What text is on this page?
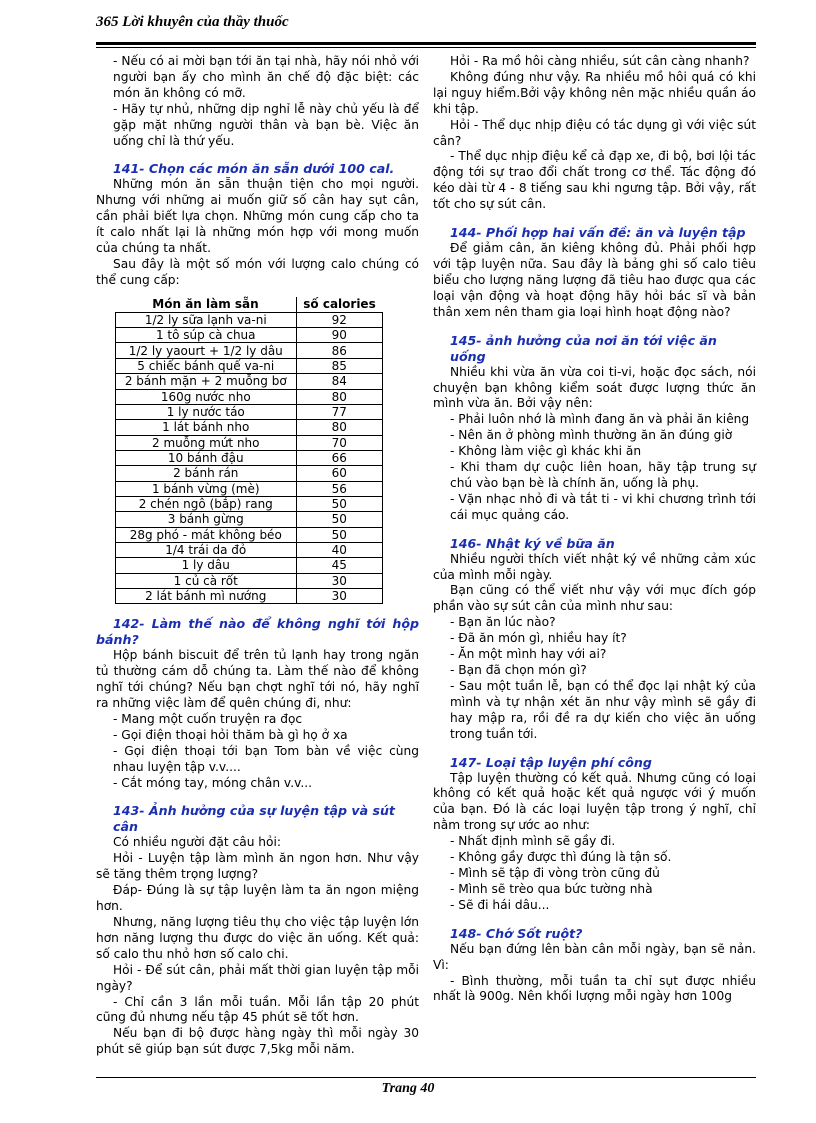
365 Lời khuyên của thầy thuốc

- Nếu có ai mời bạn tới ăn tại nhà, hãy nói nhỏ với người bạn ấy cho mình ăn chế độ đặc biệt: các món ăn không có mỡ.

- Hãy tự nhủ, những dịp nghỉ lễ này chủ yếu là để gặp mặt những người thân và bạn bè. Việc ăn uống chỉ là thứ yếu.

141- Chọn các món ăn sẵn dưới 100 cal.

Những món ăn sẵn thuận tiện cho mọi người. Nhưng với những ai muốn giữ số cân hay sụt cân, cần phải biết lựa chọn. Những món cung cấp cho ta ít calo nhất lại là những món hợp với mong muốn của chúng ta nhất.

Sau đây là một số món với lượng calo chúng có thể cung cấp:

Món ăn làm sẵn	số calories
1/2 ly sữa lạnh va-ni	92
1 tô súp cà chua	90
1/2 ly yaourt + 1/2 ly dâu	86
5 chiếc bánh quế va-ni	85
2 bánh mặn + 2 muỗng bơ	84
160g nước nho	80
1 ly nước táo	77
1 lát bánh nho	80
2 muỗng mứt nho	70
10 bánh đậu	66
2 bánh rán	60
1 bánh vừng (mè)	56
2 chén ngô (bắp) rang	50
3 bánh gừng	50
28g phó - mát không béo	50
1/4 trái da đỏ	40
1 ly dâu	45
1 củ cà rốt	30
2 lát bánh mì nướng	30
142- Làm thế nào để không nghĩ tới hộp bánh?

Hộp bánh biscuit để trên tủ lạnh hay trong ngăn tủ thường cám dỗ chúng ta. Làm thế nào để không nghĩ tới chúng? Nếu bạn chợt nghĩ tới nó, hãy nghĩ ra những việc làm để quên chúng đi, như:

- Mang một cuốn truyện ra đọc

- Gọi điện thoại hỏi thăm bà gì họ ở xa

- Gọi điện thoại tới bạn Tom bàn về việc cùng nhau luyện tập v.v....

- Cắt móng tay, móng chân v.v...

143- Ảnh hưởng của sự luyện tập và sút cân

Có nhiều người đặt câu hỏi:

Hỏi - Luyện tập làm mình ăn ngon hơn. Như vậy sẽ tăng thêm trọng lượng?

Đáp- Đúng là sự tập luyện làm ta ăn ngon miệng hơn.

Nhưng, năng lượng tiêu thụ cho việc tập luyện lớn hơn năng lượng thu được do việc ăn uống. Kết quả: số calo thu nhỏ hơn số calo chi.

Hỏi - Để sút cân, phải mất thời gian luyện tập mỗi ngày?

- Chỉ cần 3 lần mỗi tuần. Mỗi lần tập 20 phút cũng đủ nhưng nếu tập 45 phút sẽ tốt hơn.

Nếu bạn đi bộ được hàng ngày thì mỗi ngày 30 phút sẽ giúp bạn sút được 7,5kg mỗi năm.

Hỏi - Ra mồ hôi càng nhiều, sút cân càng nhanh?

Không đúng như vậy. Ra nhiều mồ hôi quá có khi lại nguy hiểm.Bởi vậy không nên mặc nhiều quần áo khi tập.

Hỏi - Thể dục nhịp điệu có tác dụng gì với việc sút cân?

- Thể dục nhịp điệu kể cả đạp xe, đi bộ, bơi lội tác động tới sự trao đổi chất trong cơ thể. Tác động đó kéo dài từ 4 - 8 tiếng sau khi ngưng tập. Bởi vậy, rất tốt cho sự sút cân.

144- Phối hợp hai vấn đề: ăn và luyện tập

Để giảm cân, ăn kiêng không đủ. Phải phối hợp với tập luyện nữa. Sau đây là bảng ghi số calo tiêu biểu cho lượng năng lượng đã tiêu hao được qua các loại vận động và hoạt động hãy hỏi bác sĩ và bản thân xem nên tham gia loại hình hoạt động nào?

145- ảnh hưởng của nơi ăn tới việc ăn uống

Nhiều khi vừa ăn vừa coi ti-vi, hoặc đọc sách, nói chuyện bạn không kiểm soát được lượng thức ăn mình vừa ăn. Bởi vậy nên:

- Phải luôn nhớ là mình đang ăn và phải ăn kiêng

- Nên ăn ở phòng mình thường ăn ăn đúng giờ

- Không làm việc gì khác khi ăn

- Khi tham dự cuộc liên hoan, hãy tập trung sự chú vào bạn bè là chính ăn, uống là phụ.

- Vặn nhạc nhỏ đi và tắt ti - vi khi chương trình tới cái mục quảng cáo.

146- Nhật ký về bữa ăn

Nhiều người thích viết nhật ký về những cảm xúc của mình mỗi ngày.

Bạn cũng có thể viết như vậy với mục đích góp phần vào sự sút cân của mình như sau:

- Bạn ăn lúc nào?

- Đã ăn món gì, nhiều hay ít?

- Ăn một mình hay với ai?

- Bạn đã chọn món gì?

- Sau một tuần lễ, bạn có thể đọc lại nhật ký của mình và tự nhận xét ăn như vậy mình sẽ gầy đi hay mập ra, rồi đề ra dự kiến cho việc ăn uống trong tuần tới.

147- Loại tập luyện phí công

Tập luyện thường có kết quả. Nhưng cũng có loại không có kết quả hoặc kết quả ngược với ý muốn của bạn. Đó là các loại luyện tập trong ý nghĩ, chỉ nằm trong sự ước ao như:

- Nhất định mình sẽ gầy đi.

- Không gầy được thì đúng là tận số.

- Mình sẽ tập đi vòng tròn cũng đủ

- Mình sẽ trèo qua bức tường nhà

- Sẽ đi hái dâu...

148- Chớ Sốt ruột?

Nếu bạn đứng lên bàn cân mỗi ngày, bạn sẽ nản. Vì:

- Bình thường, mỗi tuần ta chỉ sụt được nhiều nhất là 900g. Nên khối lượng mỗi ngày hơn 100g

Trang 40
